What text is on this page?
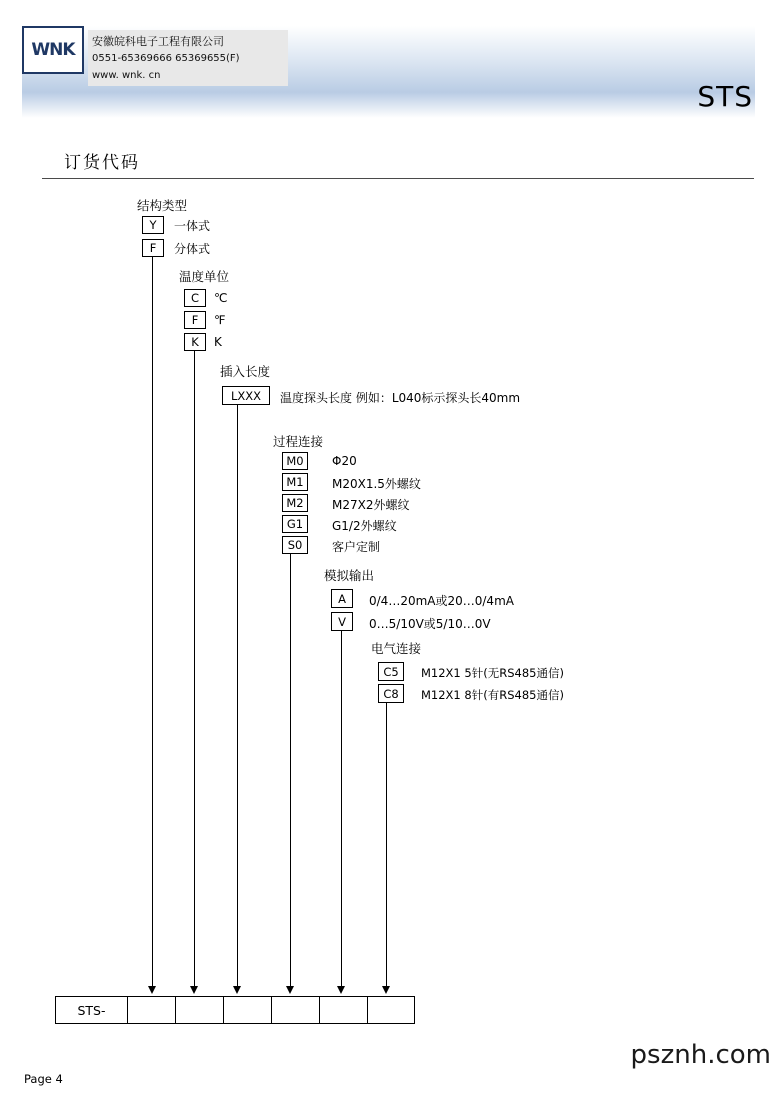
WNK 安徽皖科电子工程有限公司
0551-65369666 65369655(F)
www. wnk. cn
STS
订货代码
结构类型
Y	一体式
F	分体式
温度单位
C	℃
F	℉
K	K
插入长度
LXXX	温度探头长度 例如：L040标示探头长40mm
过程连接
M0	Φ20
M1	M20X1.5外螺纹
M2	M27X2外螺纹
G1	G1/2外螺纹
S0	客户定制
模拟输出
A	0/4…20mA或20…0/4mA
V	0…5/10V或5/10…0V
电气连接
C5	M12X1 5针(无RS485通信)
C8	M12X1 8针(有RS485通信)
STS-
Page 4
psznh.com
